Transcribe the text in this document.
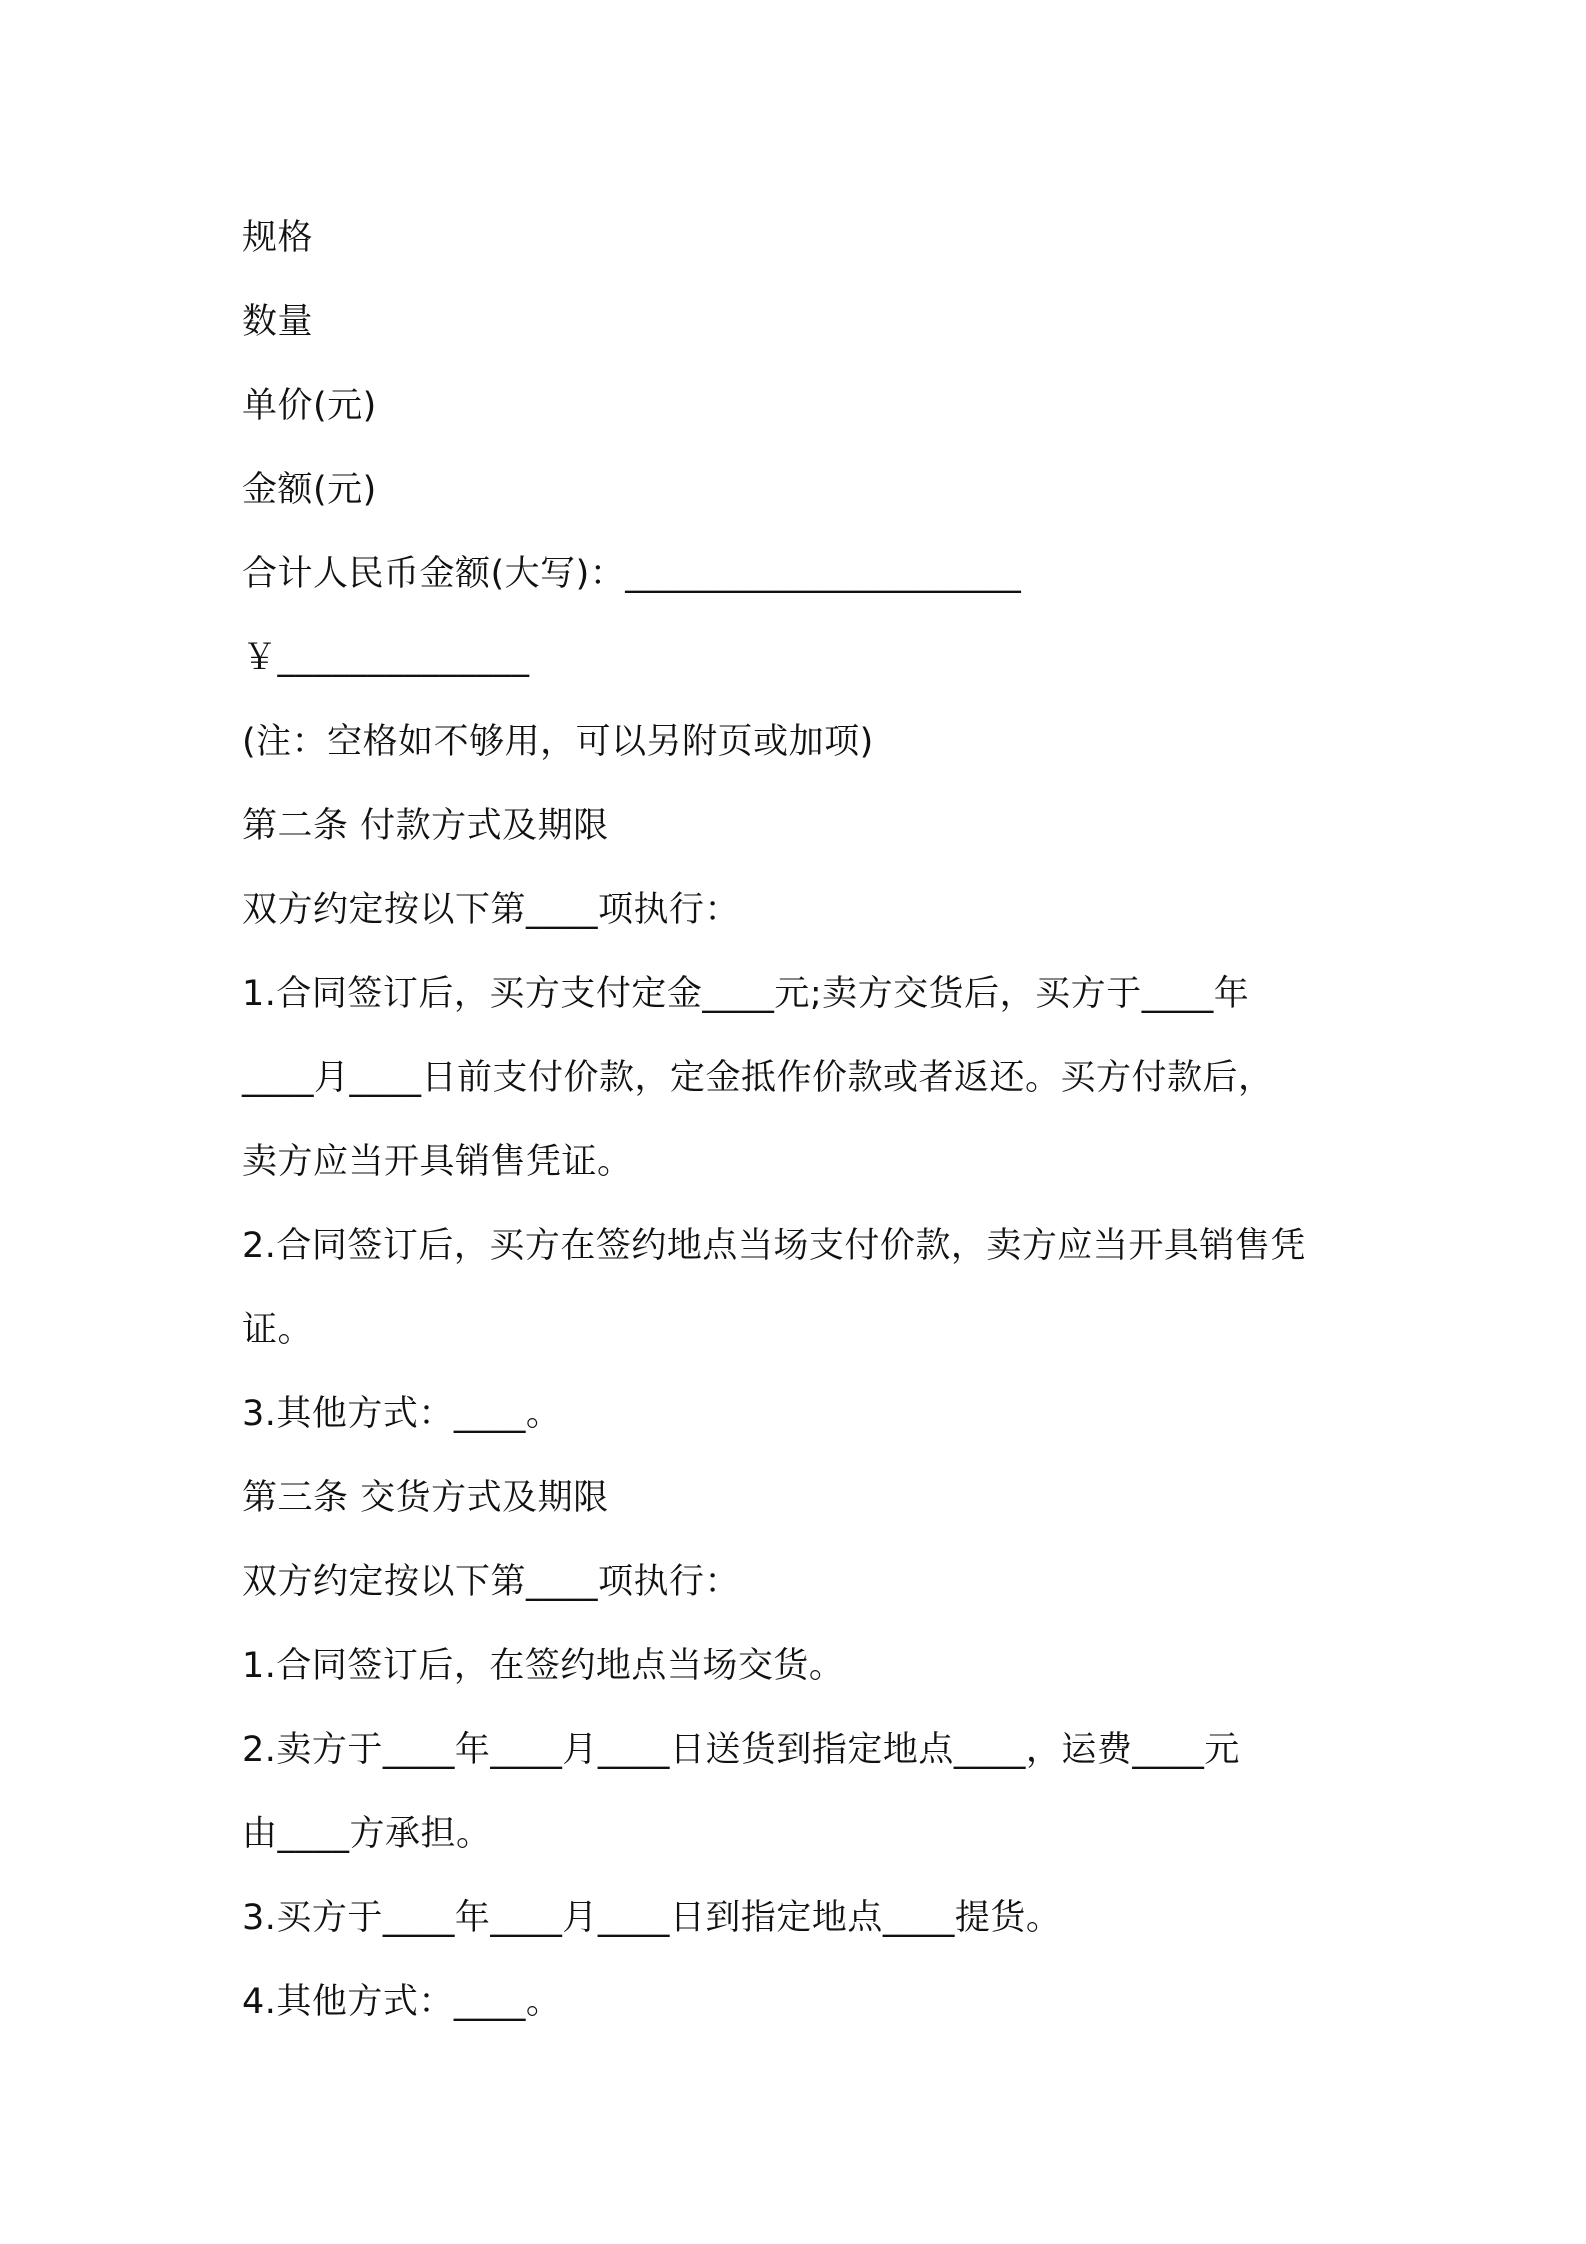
规格
数量
单价(元)
金额(元)
合计人民币金额(大写)：______________________
￥______________
(注：空格如不够用，可以另附页或加项)
第二条 付款方式及期限
双方约定按以下第____项执行：
1.合同签订后，买方支付定金____元;卖方交货后，买方于____年
____月____日前支付价款，定金抵作价款或者返还。买方付款后，
卖方应当开具销售凭证。
2.合同签订后，买方在签约地点当场支付价款，卖方应当开具销售凭
证。
3.其他方式：____。
第三条 交货方式及期限
双方约定按以下第____项执行：
1.合同签订后，在签约地点当场交货。
2.卖方于____年____月____日送货到指定地点____，运费____元
由____方承担。
3.买方于____年____月____日到指定地点____提货。
4.其他方式：____。
